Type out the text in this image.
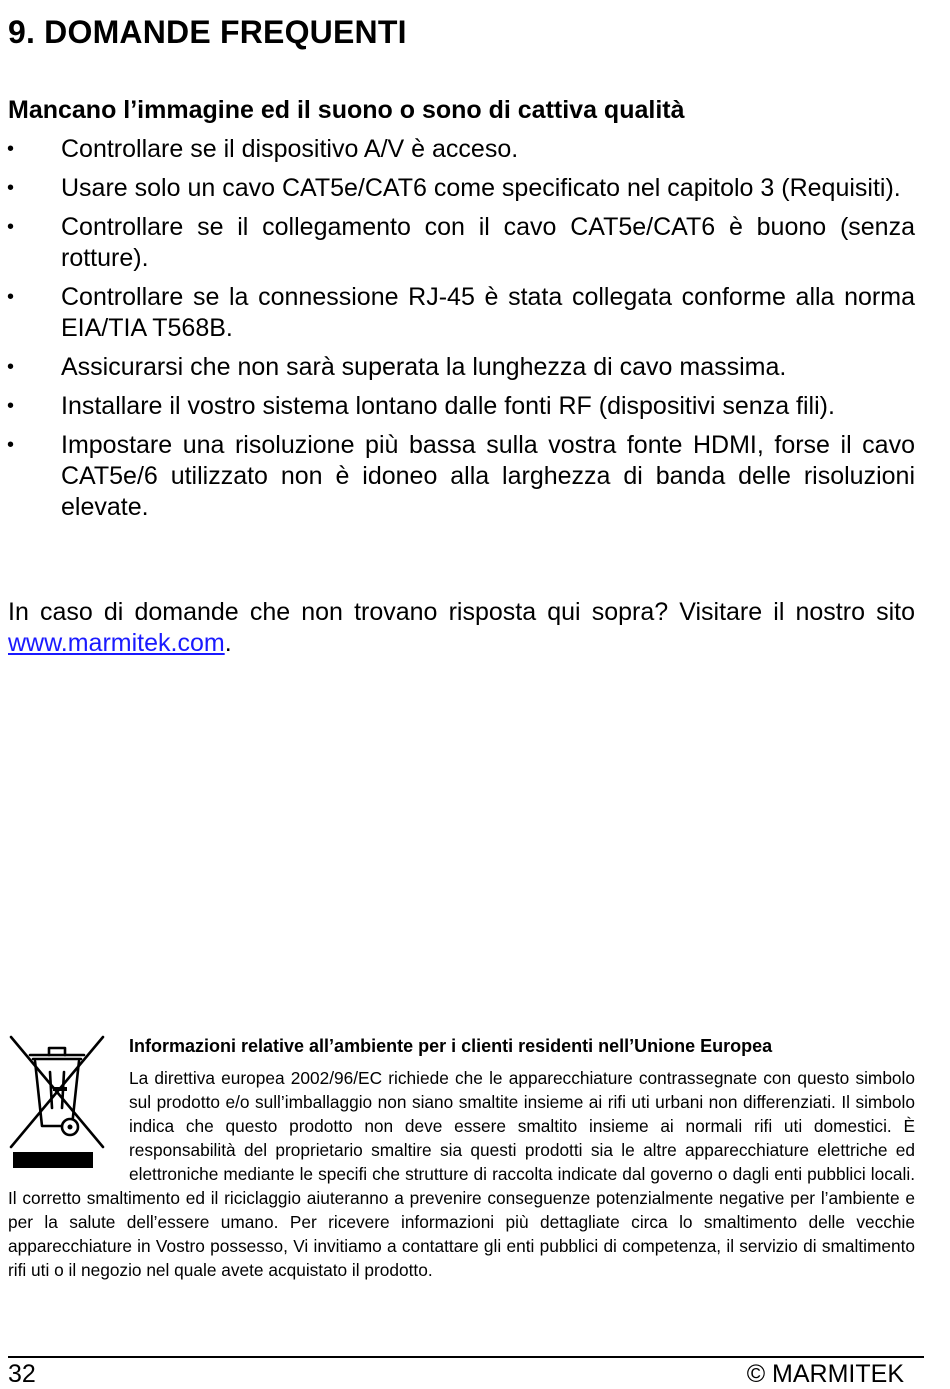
9. DOMANDE FREQUENTI
Mancano l’immagine ed il suono o sono di cattiva qualità
• Controllare se il dispositivo A/V è acceso.
• Usare solo un cavo CAT5e/CAT6 come specificato nel capitolo 3 (Requisiti).
• Controllare se il collegamento con il cavo CAT5e/CAT6 è buono (senza rotture).
• Controllare se la connessione RJ-45 è stata collegata conforme alla norma EIA/TIA T568B.
• Assicurarsi che non sarà superata la lunghezza di cavo massima.
• Installare il vostro sistema lontano dalle fonti RF (dispositivi senza fili).
• Impostare una risoluzione più bassa sulla vostra fonte HDMI, forse il cavo CAT5e/6 utilizzato non è idoneo alla larghezza di banda delle risoluzioni elevate.

In caso di domande che non trovano risposta qui sopra? Visitare il nostro sito www.marmitek.com.

Informazioni relative all’ambiente per i clienti residenti nell’Unione Europea

La direttiva europea 2002/96/EC richiede che le apparecchiature contrassegnate con questo simbolo sul prodotto e/o sull’imballaggio non siano smaltite insieme ai rifi uti urbani non differenziati. Il simbolo indica che questo prodotto non deve essere smaltito insieme ai normali rifi uti domestici. È responsabilità del proprietario smaltire sia questi prodotti sia le altre apparecchiature elettriche ed elettroniche mediante le specifi che strutture di raccolta indicate dal governo o dagli enti pubblici locali. Il corretto smaltimento ed il riciclaggio aiuteranno a prevenire conseguenze potenzialmente negative per l’ambiente e per la salute dell’essere umano. Per ricevere informazioni più dettagliate circa lo smaltimento delle vecchie apparecchiature in Vostro possesso, Vi invitiamo a contattare gli enti pubblici di competenza, il servizio di smaltimento rifi uti o il negozio nel quale avete acquistato il prodotto.

32	© MARMITEK
